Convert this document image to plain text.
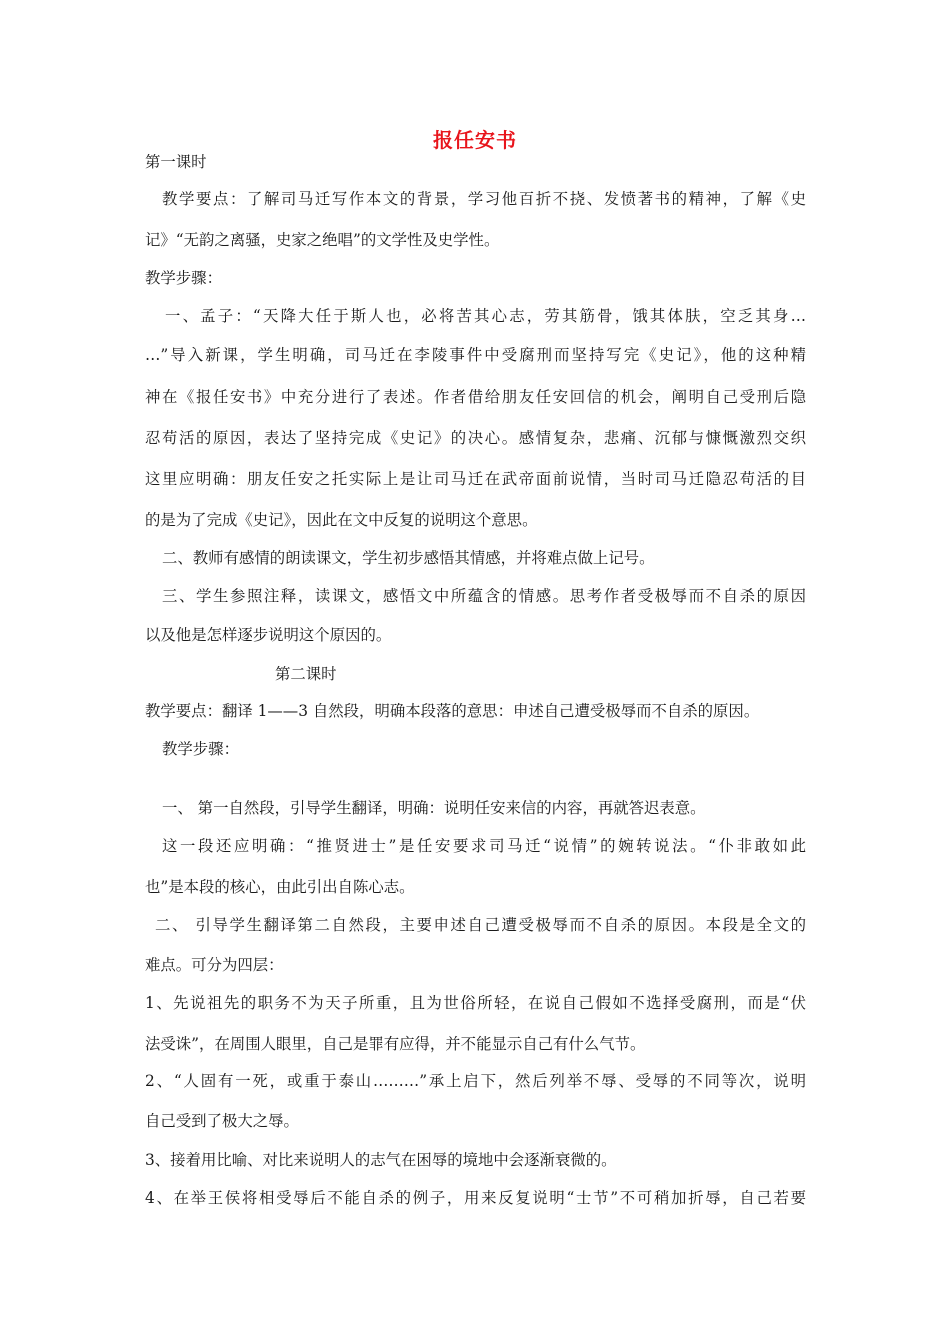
报任安书
第一课时
教学要点：了解司马迁写作本文的背景，学习他百折不挠、发愤著书的精神，了解《史
记》“无韵之离骚，史家之绝唱”的文学性及史学性。
教学步骤：
一、孟子：“天降大任于斯人也，必将苦其心志，劳其筋骨，饿其体肤，空乏其身…
…”导入新课，学生明确，司马迁在李陵事件中受腐刑而坚持写完《史记》，他的这种精
神在《报任安书》中充分进行了表述。作者借给朋友任安回信的机会，阐明自己受刑后隐
忍苟活的原因，表达了坚持完成《史记》的决心。感情复杂，悲痛、沉郁与慷慨激烈交织
这里应明确：朋友任安之托实际上是让司马迁在武帝面前说情，当时司马迁隐忍苟活的目
的是为了完成《史记》，因此在文中反复的说明这个意思。
二、教师有感情的朗读课文，学生初步感悟其情感，并将难点做上记号。
三、学生参照注释，读课文，感悟文中所蕴含的情感。思考作者受极辱而不自杀的原因
以及他是怎样逐步说明这个原因的。
第二课时
教学要点：翻译 1——3 自然段，明确本段落的意思：申述自己遭受极辱而不自杀的原因。
教学步骤：
一、 第一自然段，引导学生翻译，明确：说明任安来信的内容，再就答迟表意。
这一段还应明确：“推贤进士”是任安要求司马迁“说情”的婉转说法。“仆非敢如此
也”是本段的核心，由此引出自陈心志。
二、 引导学生翻译第二自然段，主要申述自己遭受极辱而不自杀的原因。本段是全文的
难点。可分为四层：
1、先说祖先的职务不为天子所重，且为世俗所轻，在说自己假如不选择受腐刑，而是“伏
法受诛”，在周围人眼里，自己是罪有应得，并不能显示自己有什么气节。
2、“人固有一死，或重于泰山………”承上启下，然后列举不辱、受辱的不同等次，说明
自己受到了极大之辱。
3、接着用比喻、对比来说明人的志气在困辱的境地中会逐渐衰微的。
4、在举王侯将相受辱后不能自杀的例子，用来反复说明“士节”不可稍加折辱，自己若要
